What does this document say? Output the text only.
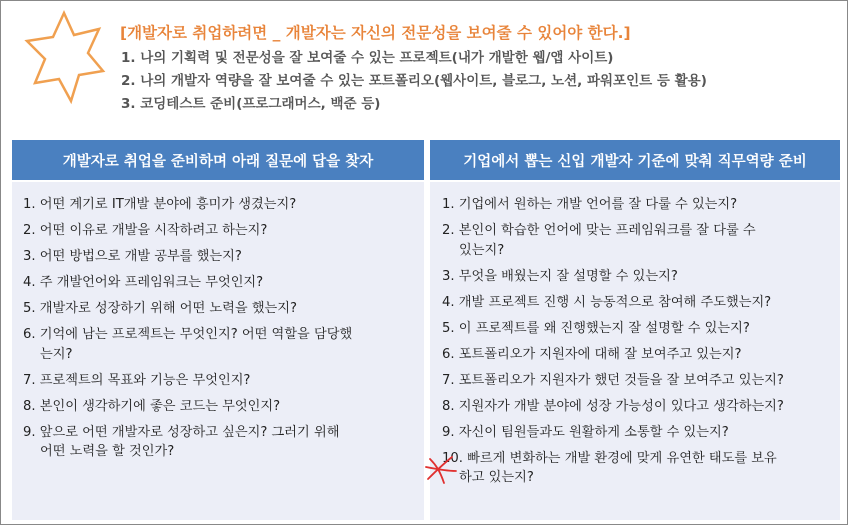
[개발자로 취업하려면 _ 개발자는 자신의 전문성을 보여줄 수 있어야 한다.]
1. 나의 기획력 및 전문성을 잘 보여줄 수 있는 프로젝트(내가 개발한 웹/앱 사이트)
2. 나의 개발자 역량을 잘 보여줄 수 있는 포트폴리오(웹사이트, 블로그, 노션, 파워포인트 등 활용)
3. 코딩테스트 준비(프로그래머스, 백준 등)
개발자로 취업을 준비하며 아래 질문에 답을 찾자	기업에서 뽑는 신입 개발자 기준에 맞춰 직무역량 준비
1. 어떤 계기로 IT개발 분야에 흥미가 생겼는지?
2. 어떤 이유로 개발을 시작하려고 하는지?
3. 어떤 방법으로 개발 공부를 했는지?
4. 주 개발언어와 프레임워크는 무엇인지?
5. 개발자로 성장하기 위해 어떤 노력을 했는지?
6. 기억에 남는 프로젝트는 무엇인지? 어떤 역할을 담당했
는지?
7. 프로젝트의 목표와 기능은 무엇인지?
8. 본인이 생각하기에 좋은 코드는 무엇인지?
9. 앞으로 어떤 개발자로 성장하고 싶은지? 그러기 위해
어떤 노력을 할 것인가?
1. 기업에서 원하는 개발 언어를 잘 다룰 수 있는지?
2. 본인이 학습한 언어에 맞는 프레임워크를 잘 다룰 수
있는지?
3. 무엇을 배웠는지 잘 설명할 수 있는지?
4. 개발 프로젝트 진행 시 능동적으로 참여해 주도했는지?
5. 이 프로젝트를 왜 진행했는지 잘 설명할 수 있는지?
6. 포트폴리오가 지원자에 대해 잘 보여주고 있는지?
7. 포트폴리오가 지원자가 했던 것들을 잘 보여주고 있는지?
8. 지원자가 개발 분야에 성장 가능성이 있다고 생각하는지?
9. 자신이 팀원들과도 원활하게 소통할 수 있는지?
10. 빠르게 변화하는 개발 환경에 맞게 유연한 태도를 보유
하고 있는지?
